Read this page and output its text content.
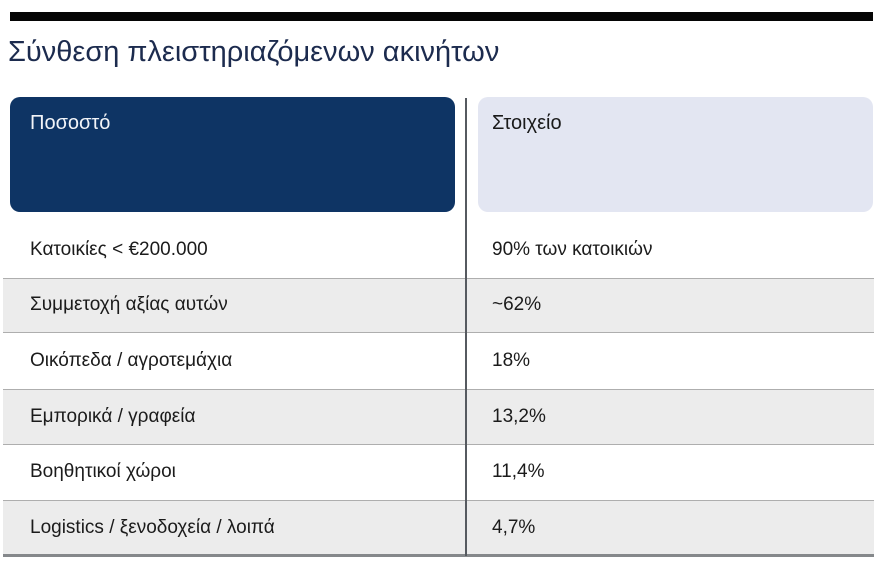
Σύνθεση πλειστηριαζόμενων ακινήτων
Ποσοστό	Στοιχείο
Κατοικίες < €200.000	90% των κατοικιών
Συμμετοχή αξίας αυτών	~62%
Οικόπεδα / αγροτεμάχια	18%
Εμπορικά / γραφεία	13,2%
Βοηθητικοί χώροι	11,4%
Logistics / ξενοδοχεία / λοιπά	4,7%
